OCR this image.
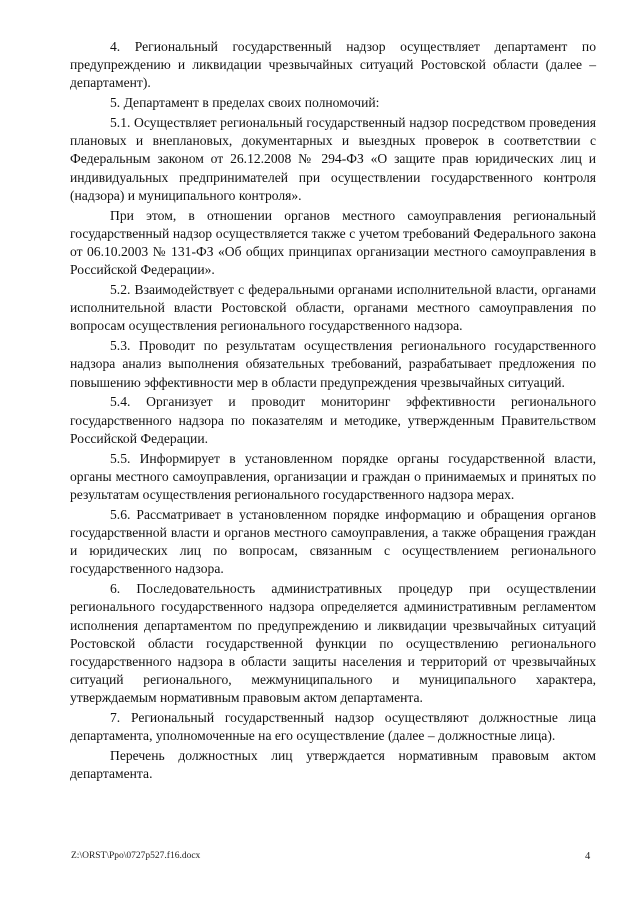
4. Региональный государственный надзор осуществляет департамент по предупреждению и ликвидации чрезвычайных ситуаций Ростовской области (далее – департамент).

5. Департамент в пределах своих полномочий:

5.1. Осуществляет региональный государственный надзор посредством проведения плановых и внеплановых, документарных и выездных проверок в соответствии с Федеральным законом от 26.12.2008 № 294-ФЗ «О защите прав юридических лиц и индивидуальных предпринимателей при осуществлении государственного контроля (надзора) и муниципального контроля».

При этом, в отношении органов местного самоуправления региональный государственный надзор осуществляется также с учетом требований Федерального закона от 06.10.2003 № 131-ФЗ «Об общих принципах организации местного самоуправления в Российской Федерации».

5.2. Взаимодействует с федеральными органами исполнительной власти, органами исполнительной власти Ростовской области, органами местного самоуправления по вопросам осуществления регионального государственного надзора.

5.3. Проводит по результатам осуществления регионального государственного надзора анализ выполнения обязательных требований, разрабатывает предложения по повышению эффективности мер в области предупреждения чрезвычайных ситуаций.

5.4. Организует и проводит мониторинг эффективности регионального государственного надзора по показателям и методике, утвержденным Правительством Российской Федерации.

5.5. Информирует в установленном порядке органы государственной власти, органы местного самоуправления, организации и граждан о принимаемых и принятых по результатам осуществления регионального государственного надзора мерах.

5.6. Рассматривает в установленном порядке информацию и обращения органов государственной власти и органов местного самоуправления, а также обращения граждан и юридических лиц по вопросам, связанным с осуществлением регионального государственного надзора.

6. Последовательность административных процедур при осуществлении регионального государственного надзора определяется административным регламентом исполнения департаментом по предупреждению и ликвидации чрезвычайных ситуаций Ростовской области государственной функции по осуществлению регионального государственного надзора в области защиты населения и территорий от чрезвычайных ситуаций регионального, межмуниципального и муниципального характера, утверждаемым нормативным правовым актом департамента.

7. Региональный государственный надзор осуществляют должностные лица департамента, уполномоченные на его осуществление (далее – должностные лица).

Перечень должностных лиц утверждается нормативным правовым актом департамента.

Z:\ORST\Ppo\0727p527.f16.docx	4
